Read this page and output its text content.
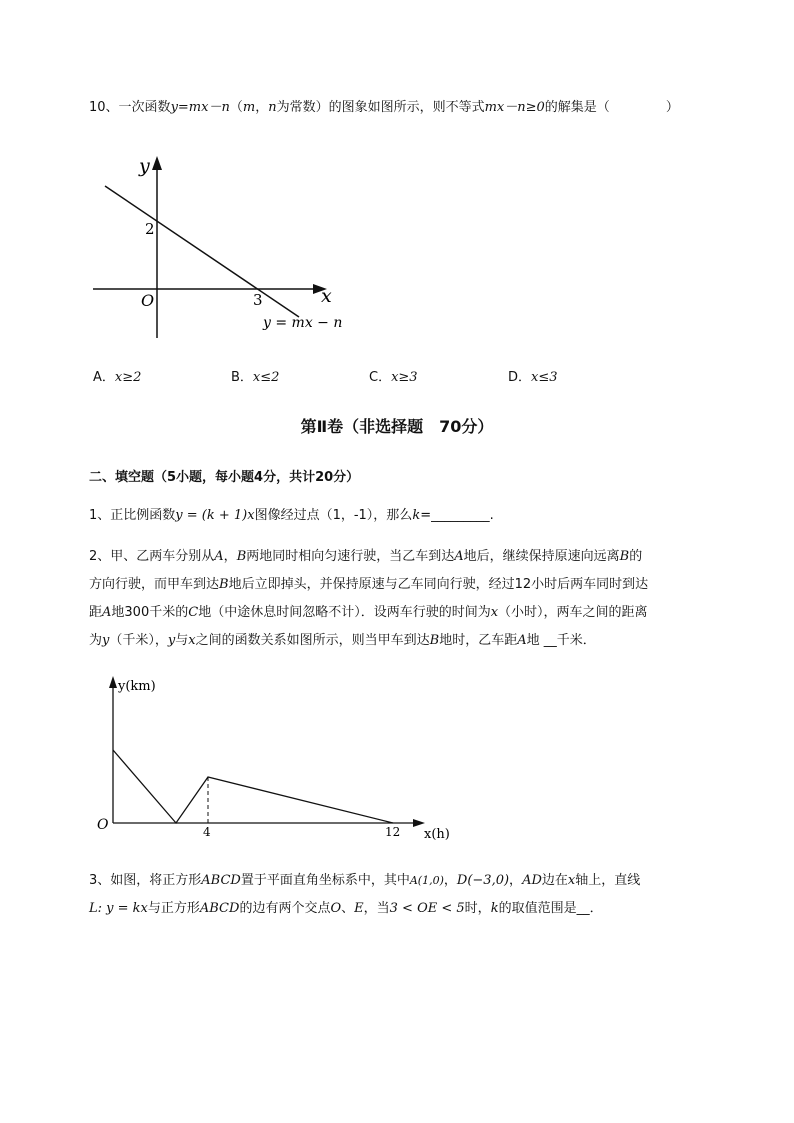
10、一次函数y=mx－n（m，n为常数）的图象如图所示，则不等式mx－n≥0的解集是（	）
y
x
O
2
3
y = mx − n
A．x≥2	B．x≤2	C．x≥3	D．x≤3
第Ⅱ卷（非选择题　70分）
二、填空题（5小题，每小题4分，共计20分）
1、正比例函数y = (k + 1)x图像经过点（1，-1），那么k=_________.
2、甲、乙两车分别从A，B两地同时相向匀速行驶，当乙车到达A地后，继续保持原速向远离B的
方向行驶，而甲车到达B地后立即掉头，并保持原速与乙车同向行驶，经过12小时后两车同时到达
距A地300千米的C地（中途休息时间忽略不计）．设两车行驶的时间为x（小时），两车之间的距离
为y（千米），y与x之间的函数关系如图所示，则当甲车到达B地时，乙车距A地 __千米．
y(km)
x(h)
O	4	12
3、如图，将正方形ABCD置于平面直角坐标系中，其中A(1,0)，D(−3,0)，AD边在x轴上，直线
L: y = kx与正方形ABCD的边有两个交点O、E，当3 < OE < 5时，k的取值范围是__．
